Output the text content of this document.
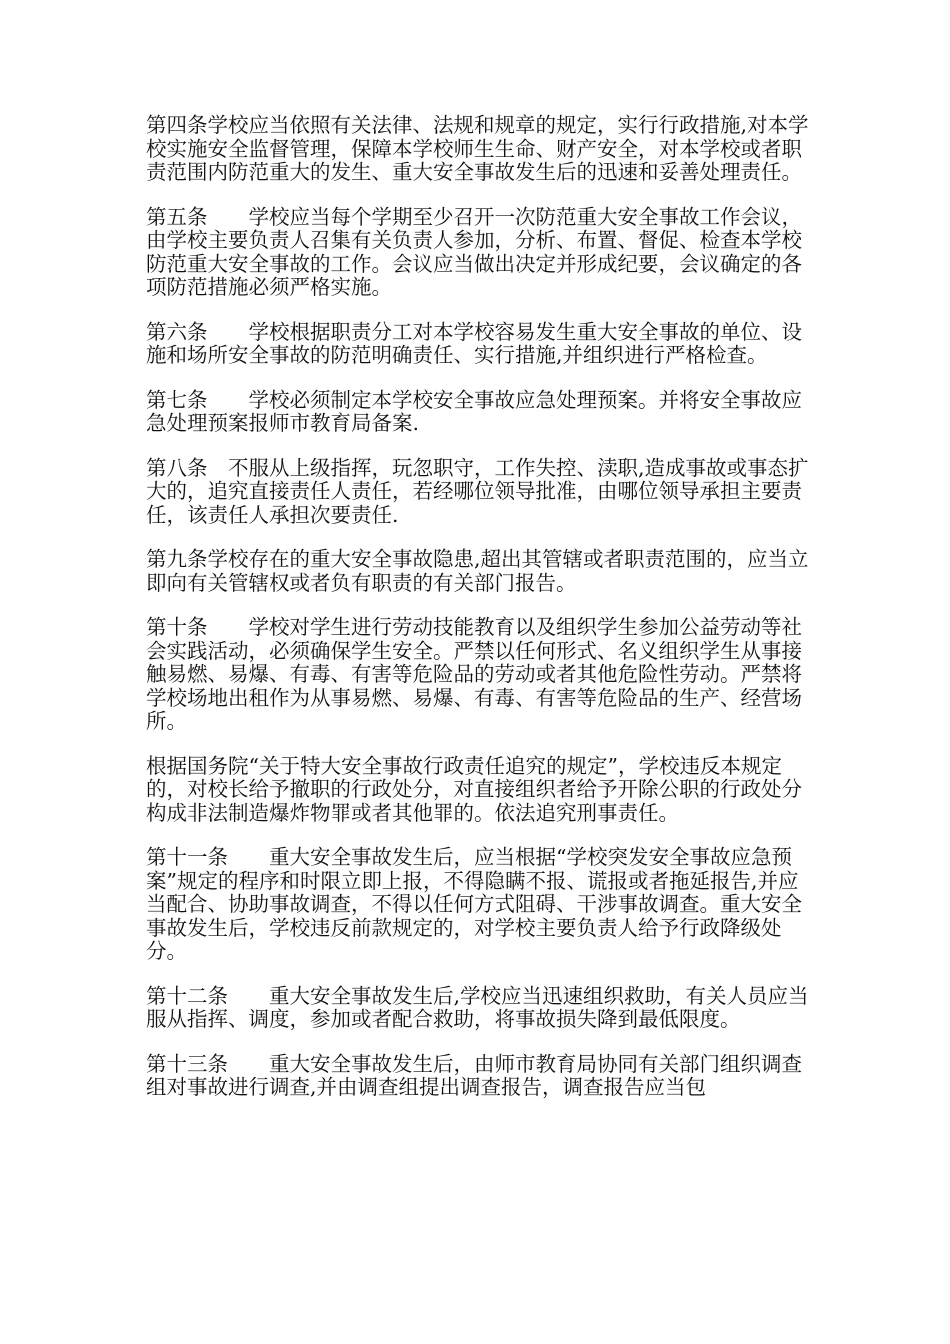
第四条学校应当依照有关法律、法规和规章的规定，实行行政措施,对本学校实施安全监督管理，保障本学校师生生命、财产安全，对本学校或者职责范围内防范重大的发生、重大安全事故发生后的迅速和妥善处理责任。

第五条　　学校应当每个学期至少召开一次防范重大安全事故工作会议，由学校主要负责人召集有关负责人参加，分析、布置、督促、检查本学校防范重大安全事故的工作。会议应当做出决定并形成纪要，会议确定的各项防范措施必须严格实施。

第六条　　学校根据职责分工对本学校容易发生重大安全事故的单位、设施和场所安全事故的防范明确责任、实行措施,并组织进行严格检查。

第七条　　学校必须制定本学校安全事故应急处理预案。并将安全事故应急处理预案报师市教育局备案.

第八条　不服从上级指挥，玩忽职守，工作失控、渎职,造成事故或事态扩大的，追究直接责任人责任，若经哪位领导批准，由哪位领导承担主要责任，该责任人承担次要责任.

第九条学校存在的重大安全事故隐患,超出其管辖或者职责范围的，应当立即向有关管辖权或者负有职责的有关部门报告。

第十条　　学校对学生进行劳动技能教育以及组织学生参加公益劳动等社会实践活动，必须确保学生安全。严禁以任何形式、名义组织学生从事接触易燃、易爆、有毒、有害等危险品的劳动或者其他危险性劳动。严禁将学校场地出租作为从事易燃、易爆、有毒、有害等危险品的生产、经营场所。

根据国务院“关于特大安全事故行政责任追究的规定”，学校违反本规定的，对校长给予撤职的行政处分，对直接组织者给予开除公职的行政处分构成非法制造爆炸物罪或者其他罪的。依法追究刑事责任。

第十一条　　重大安全事故发生后，应当根据“学校突发安全事故应急预案”规定的程序和时限立即上报，不得隐瞒不报、谎报或者拖延报告,并应当配合、协助事故调查，不得以任何方式阻碍、干涉事故调查。重大安全事故发生后，学校违反前款规定的，对学校主要负责人给予行政降级处分。

第十二条　　重大安全事故发生后,学校应当迅速组织救助，有关人员应当服从指挥、调度，参加或者配合救助，将事故损失降到最低限度。

第十三条　　重大安全事故发生后，由师市教育局协同有关部门组织调查组对事故进行调查,并由调查组提出调查报告，调查报告应当包
